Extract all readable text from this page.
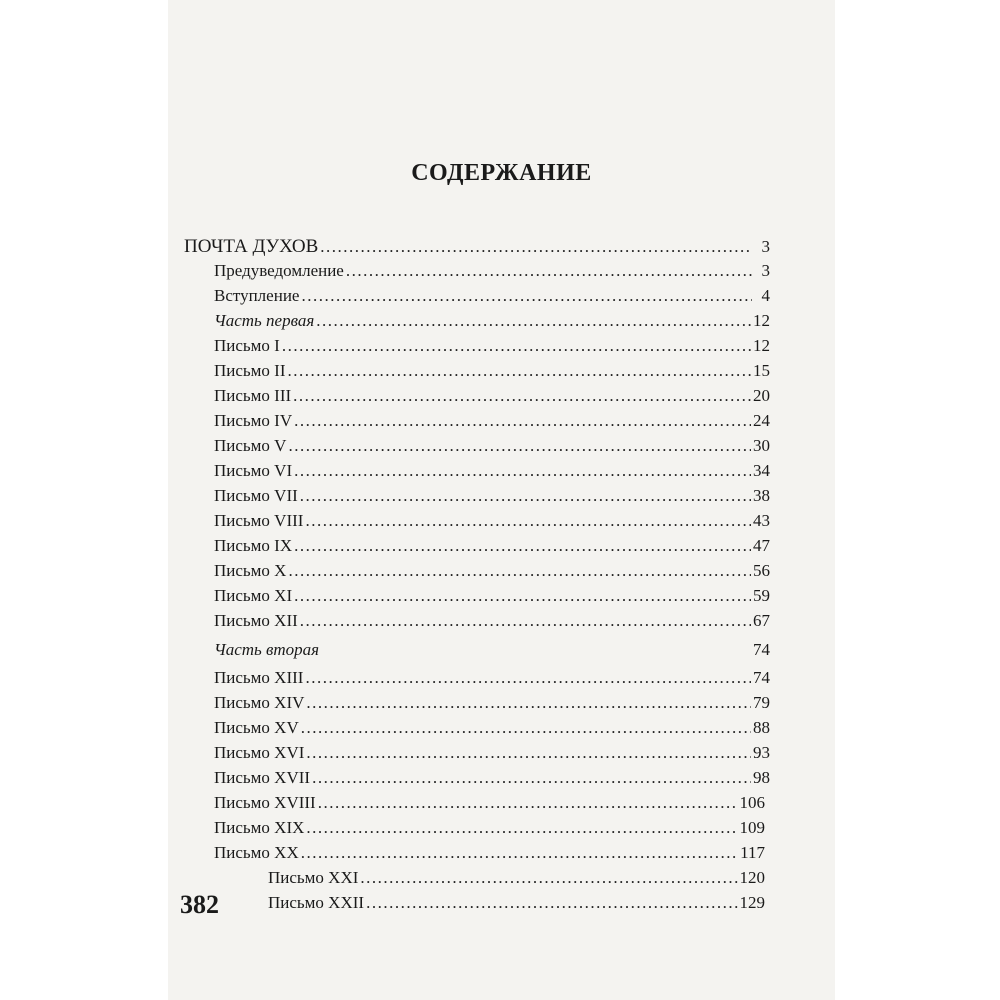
СОДЕРЖАНИЕ
ПОЧТА ДУХОВ .....	3
Предуведомление .....	3
Вступление .....	4
Часть первая .....	12
Письмо I .....	12
Письмо II .....	15
Письмо III .....	20
Письмо IV .....	24
Письмо V .....	30
Письмо VI .....	34
Письмо VII .....	38
Письмо VIII .....	43
Письмо IX .....	47
Письмо X .....	56
Письмо XI .....	59
Письмо XII .....	67
Часть вторая	74
Письмо XIII .....	74
Письмо XIV .....	79
Письмо XV .....	88
Письмо XVI .....	93
Письмо XVII .....	98
Письмо XVIII .....	106
Письмо XIX .....	109
Письмо XX .....	117
Письмо XXI .....	120
Письмо XXII .....	129
382
